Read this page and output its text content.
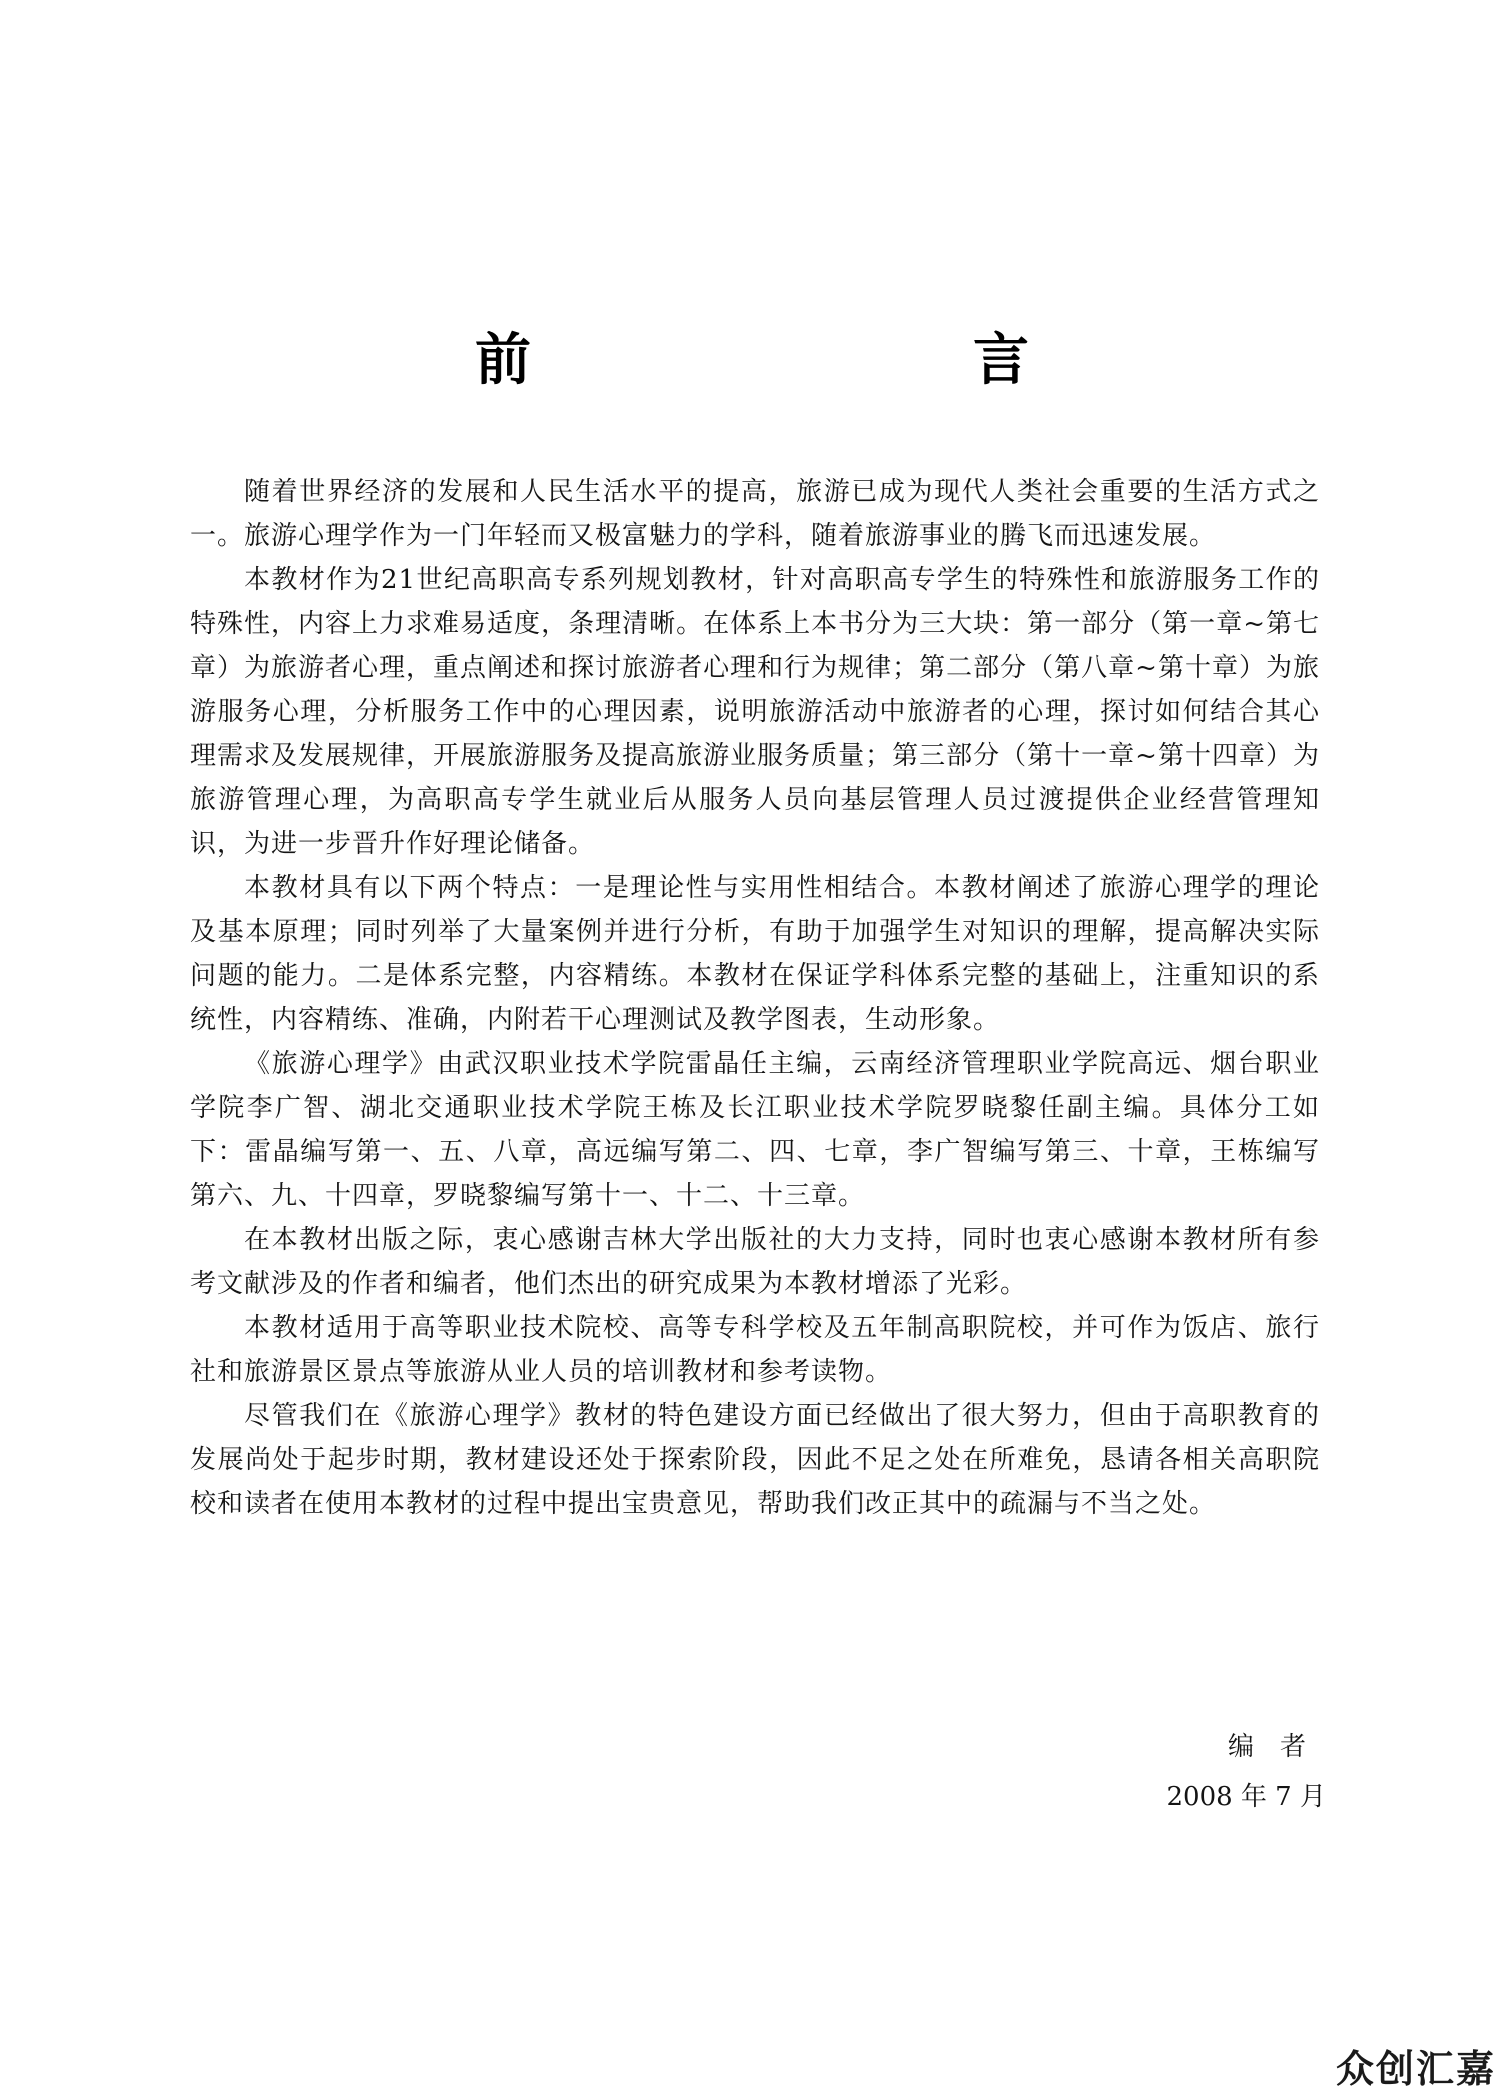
前　　言

随着世界经济的发展和人民生活水平的提高，旅游已成为现代人类社会重要的生活方式之一。旅游心理学作为一门年轻而又极富魅力的学科，随着旅游事业的腾飞而迅速发展。

本教材作为21世纪高职高专系列规划教材，针对高职高专学生的特殊性和旅游服务工作的特殊性，内容上力求难易适度，条理清晰。在体系上本书分为三大块：第一部分（第一章~第七章）为旅游者心理，重点阐述和探讨旅游者心理和行为规律；第二部分（第八章~第十章）为旅游服务心理，分析服务工作中的心理因素，说明旅游活动中旅游者的心理，探讨如何结合其心理需求及发展规律，开展旅游服务及提高旅游业服务质量；第三部分（第十一章~第十四章）为旅游管理心理，为高职高专学生就业后从服务人员向基层管理人员过渡提供企业经营管理知识，为进一步晋升作好理论储备。

本教材具有以下两个特点：一是理论性与实用性相结合。本教材阐述了旅游心理学的理论及基本原理；同时列举了大量案例并进行分析，有助于加强学生对知识的理解，提高解决实际问题的能力。二是体系完整，内容精练。本教材在保证学科体系完整的基础上，注重知识的系统性，内容精练、准确，内附若干心理测试及教学图表，生动形象。

《旅游心理学》由武汉职业技术学院雷晶任主编，云南经济管理职业学院高远、烟台职业学院李广智、湖北交通职业技术学院王栋及长江职业技术学院罗晓黎任副主编。具体分工如下：雷晶编写第一、五、八章，高远编写第二、四、七章，李广智编写第三、十章，王栋编写第六、九、十四章，罗晓黎编写第十一、十二、十三章。

在本教材出版之际，衷心感谢吉林大学出版社的大力支持，同时也衷心感谢本教材所有参考文献涉及的作者和编者，他们杰出的研究成果为本教材增添了光彩。

本教材适用于高等职业技术院校、高等专科学校及五年制高职院校，并可作为饭店、旅行社和旅游景区景点等旅游从业人员的培训教材和参考读物。

尽管我们在《旅游心理学》教材的特色建设方面已经做出了很大努力，但由于高职教育的发展尚处于起步时期，教材建设还处于探索阶段，因此不足之处在所难免，恳请各相关高职院校和读者在使用本教材的过程中提出宝贵意见，帮助我们改正其中的疏漏与不当之处。

编者
2008 年 7 月
众创汇嘉
